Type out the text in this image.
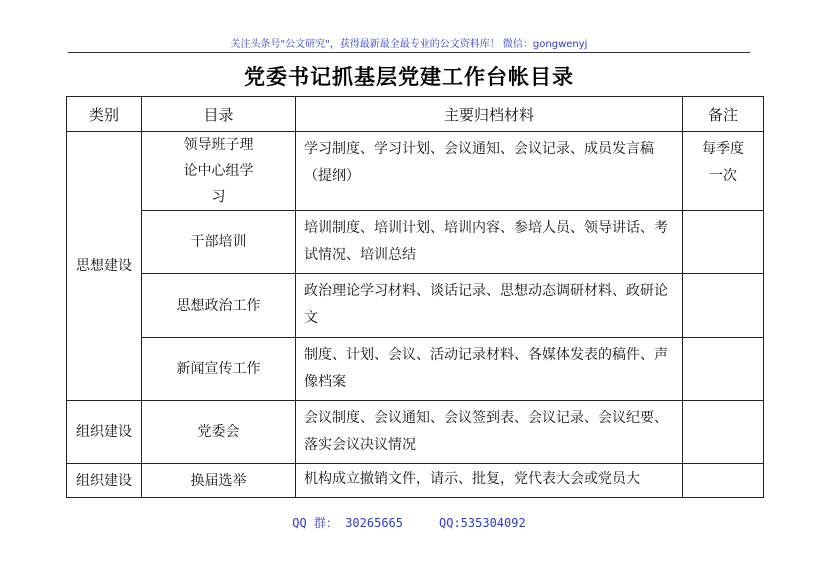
关注头条号"公文研究"，获得最新最全最专业的公文资料库！ 微信：gongwenyj
党委书记抓基层党建工作台帐目录
类别	目录	主要归档材料	备注
思想建设	领导班子理论中心组学习	学习制度、学习计划、会议通知、会议记录、成员发言稿（提纲）	每季度一次
	干部培训	培训制度、培训计划、培训内容、参培人员、领导讲话、考试情况、培训总结	
	思想政治工作	政治理论学习材料、谈话记录、思想动态调研材料、政研论文	
	新闻宣传工作	制度、计划、会议、活动记录材料、各媒体发表的稿件、声像档案	
组织建设	党委会	会议制度、会议通知、会议签到表、会议记录、会议纪要、落实会议决议情况	
组织建设	换届选举	机构成立撤销文件，请示、批复，党代表大会或党员大	
QQ 群： 30265665	QQ:535304092
